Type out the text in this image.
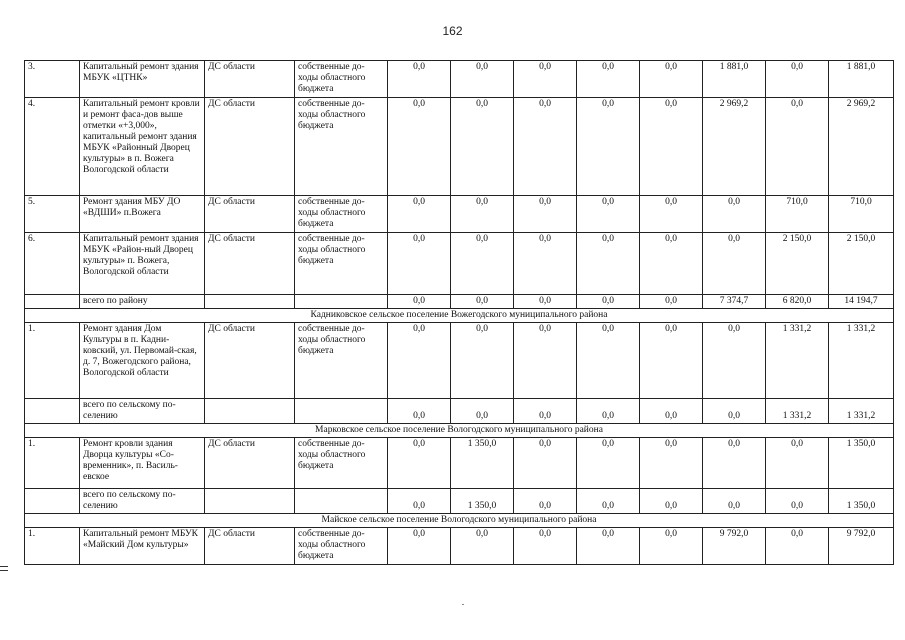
162
3.	Капитальный ремонт здания МБУК «ЦТНК»	ДС области	собственные до-ходы областного бюджета	0,0	0,0	0,0	0,0	0,0	1 881,0	0,0	1 881,0
4.	Капитальный ремонт кровли и ремонт фаса-дов выше отметки «+3,000», капитальный ремонт здания МБУК «Районный Дворец культуры» в п. Вожега Вологодской области	ДС области	собственные до-ходы областного бюджета	0,0	0,0	0,0	0,0	0,0	2 969,2	0,0	2 969,2
5.	Ремонт здания МБУ ДО «ВДШИ» п.Вожега	ДС области	собственные до-ходы областного бюджета	0,0	0,0	0,0	0,0	0,0	0,0	710,0	710,0
6.	Капитальный ремонт здания МБУК «Район-ный Дворец культуры» п. Вожега, Вологодской области	ДС области	собственные до-ходы областного бюджета	0,0	0,0	0,0	0,0	0,0	0,0	2 150,0	2 150,0
	всего по району			0,0	0,0	0,0	0,0	0,0	7 374,7	6 820,0	14 194,7
Кадниковское сельское поселение Вожегодского муниципального района											
1.	Ремонт здания Дом Культуры в п. Кадни-ковский, ул. Первомай-ская, д. 7, Вожегодского района, Вологодской области	ДС области	собственные до-ходы областного бюджета	0,0	0,0	0,0	0,0	0,0	0,0	1 331,2	1 331,2
	всего по сельскому по-селению			0,0	0,0	0,0	0,0	0,0	0,0	1 331,2	1 331,2
Марковское сельское поселение Вологодского муниципального района											
1.	Ремонт кровли здания Дворца культуры «Со-временник», п. Василь-евское	ДС области	собственные до-ходы областного бюджета	0,0	1 350,0	0,0	0,0	0,0	0,0	0,0	1 350,0
	всего по сельскому по-селению			0,0	1 350,0	0,0	0,0	0,0	0,0	0,0	1 350,0
Майское сельское поселение Вологодского муниципального района											
1.	Капитальный ремонт МБУК «Майский Дом культуры»	ДС области	собственные до-ходы областного бюджета	0,0	0,0	0,0	0,0	0,0	9 792,0	0,0	9 792,0
